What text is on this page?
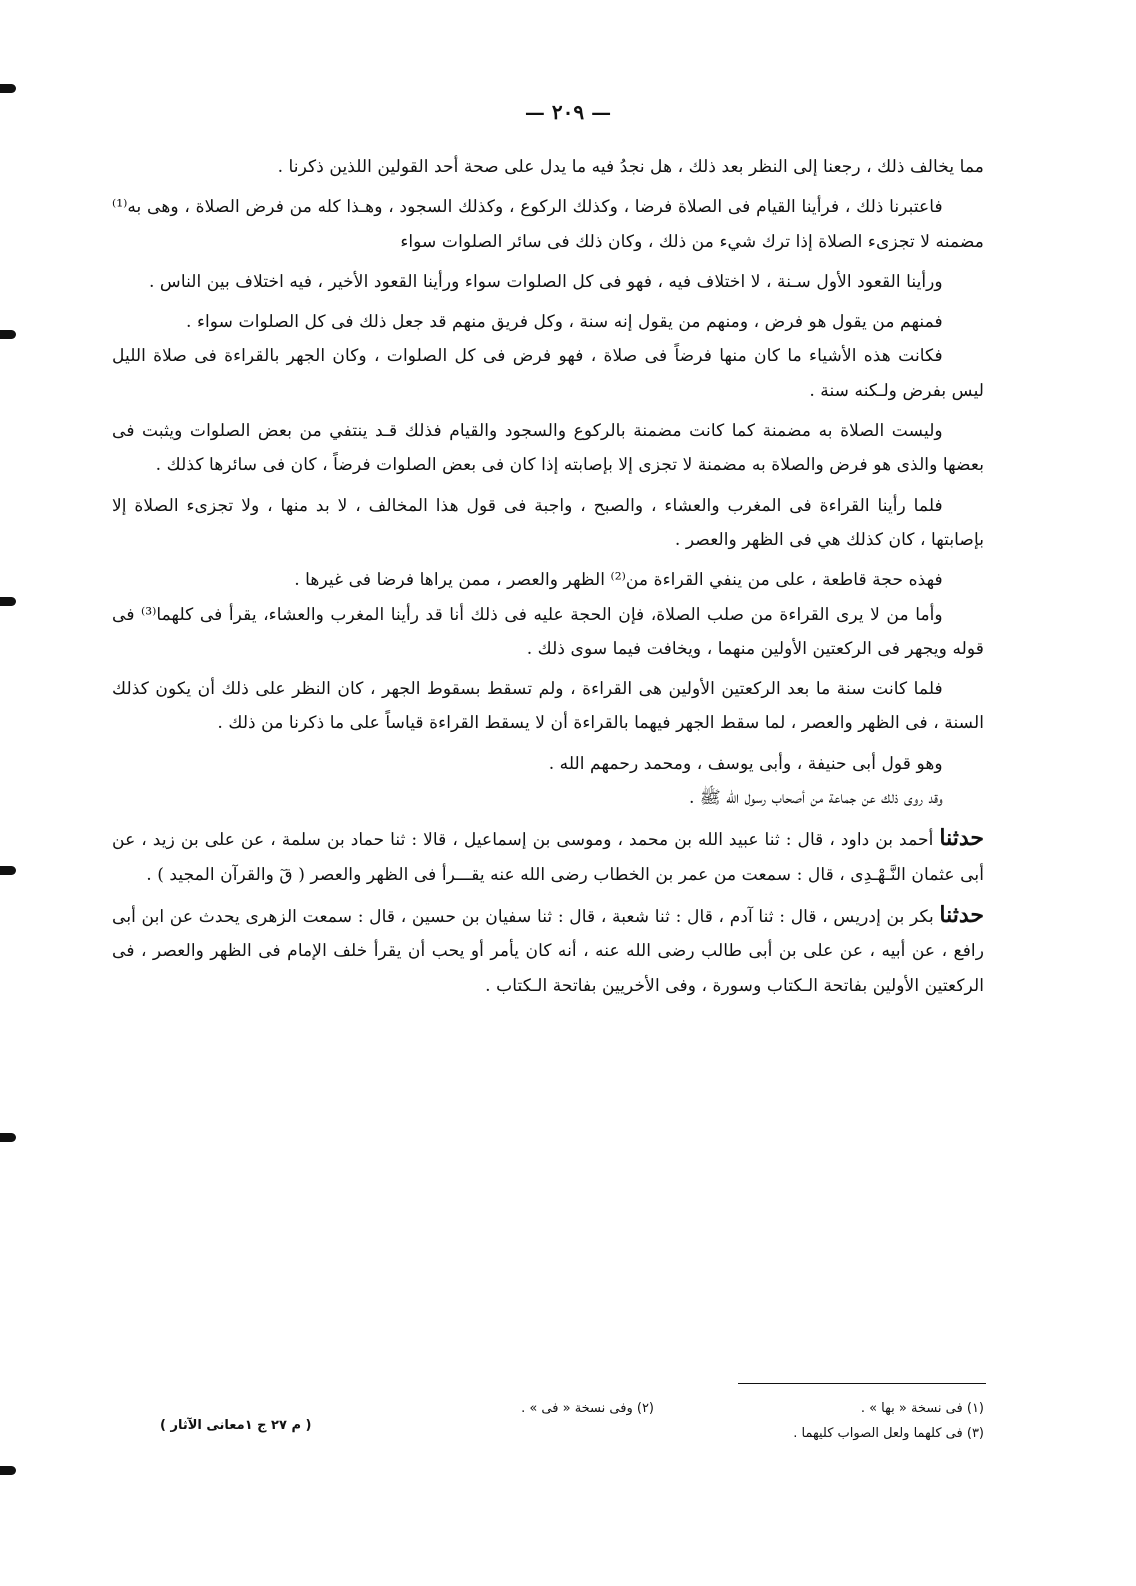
— ٢٠٩ —

مما يخالف ذلك ، رجعنا إلى النظر بعد ذلك ، هل نجدُ فيه ما يدل على صحة أحد القولين اللذين ذكرنا .

فاعتبرنا ذلك ، فرأينا القيام فى الصلاة فرضا ، وكذلك الركوع ، وكذلك السجود ، وهـذا كله من فرض الصلاة ، وهى به⁽¹⁾ مضمنه لا تجزىء الصلاة إذا ترك شيء من ذلك ، وكان ذلك فى سائر الصلوات سواء

ورأينا القعود الأول سـنة ، لا اختلاف فيه ، فهو فى كل الصلوات سواء ورأينا القعود الأخير ، فيه اختلاف بين الناس .

فمنهم من يقول هو فرض ، ومنهم من يقول إنه سنة ، وكل فريق منهم قد جعل ذلك فى كل الصلوات سواء .

فكانت هذه الأشياء ما كان منها فرضاً فى صلاة ، فهو فرض فى كل الصلوات ، وكان الجهر بالقراءة فى صلاة الليل ليس بفرض ولـكنه سنة .

وليست الصلاة به مضمنة كما كانت مضمنة بالركوع والسجود والقيام فذلك قـد ينتفي من بعض الصلوات ويثبت فى بعضها والذى هو فرض والصلاة به مضمنة لا تجزى إلا بإصابته إذا كان فى بعض الصلوات فرضاً ، كان فى سائرها كذلك .

فلما رأينا القراءة فى المغرب والعشاء ، والصبح ، واجبة فى قول هذا المخالف ، لا بد منها ، ولا تجزىء الصلاة إلا بإصابتها ، كان كذلك هي فى الظهر والعصر .

فهذه حجة قاطعة ، على من ينفي القراءة من⁽²⁾ الظهر والعصر ، ممن يراها فرضا فى غيرها .

وأما من لا يرى القراءة من صلب الصلاة، فإن الحجة عليه فى ذلك أنا قد رأينا المغرب والعشاء، يقرأ فى كلهما⁽³⁾ فى قوله ويجهر فى الركعتين الأولين منهما ، ويخافت فيما سوى ذلك .

فلما كانت سنة ما بعد الركعتين الأولين هى القراءة ، ولم تسقط بسقوط الجهر ، كان النظر على ذلك أن يكون كذلك السنة ، فى الظهر والعصر ، لما سقط الجهر فيهما بالقراءة أن لا يسقط القراءة قياساً على ما ذكرنا من ذلك .

وهو قول أبى حنيفة ، وأبى يوسف ، ومحمد رحمهم الله .

وقد روى ذلك عن جماعة من أصحاب رسول الله ﷺ .

حدثنا أحمد بن داود ، قال : ثنا عبيد الله بن محمد ، وموسى بن إسماعيل ، قالا : ثنا حماد بن سلمة ، عن على بن زيد ، عن أبى عثمان النَّـهْـدِى ، قال : سمعت من عمر بن الخطاب رضى الله عنه يقـــرأ فى الظهر والعصر ( قٓ والقرآن المجيد ) .

حدثنا بكر بن إدريس ، قال : ثنا آدم ، قال : ثنا شعبة ، قال : ثنا سفيان بن حسين ، قال : سمعت الزهرى يحدث عن ابن أبى رافع ، عن أبيه ، عن على بن أبى طالب رضى الله عنه ، أنه كان يأمر أو يحب أن يقرأ خلف الإمام فى الظهر والعصر ، فى الركعتين الأولين بفاتحة الـكتاب وسورة ، وفى الأخريين بفاتحة الـكتاب .

(١) فى نسخة « بها » .
(٢) وفى نسخة « فى » .
(٣) فى كلهما ولعل الصواب كليهما .
( م ٢٧ ج ١معانى الآثار )
